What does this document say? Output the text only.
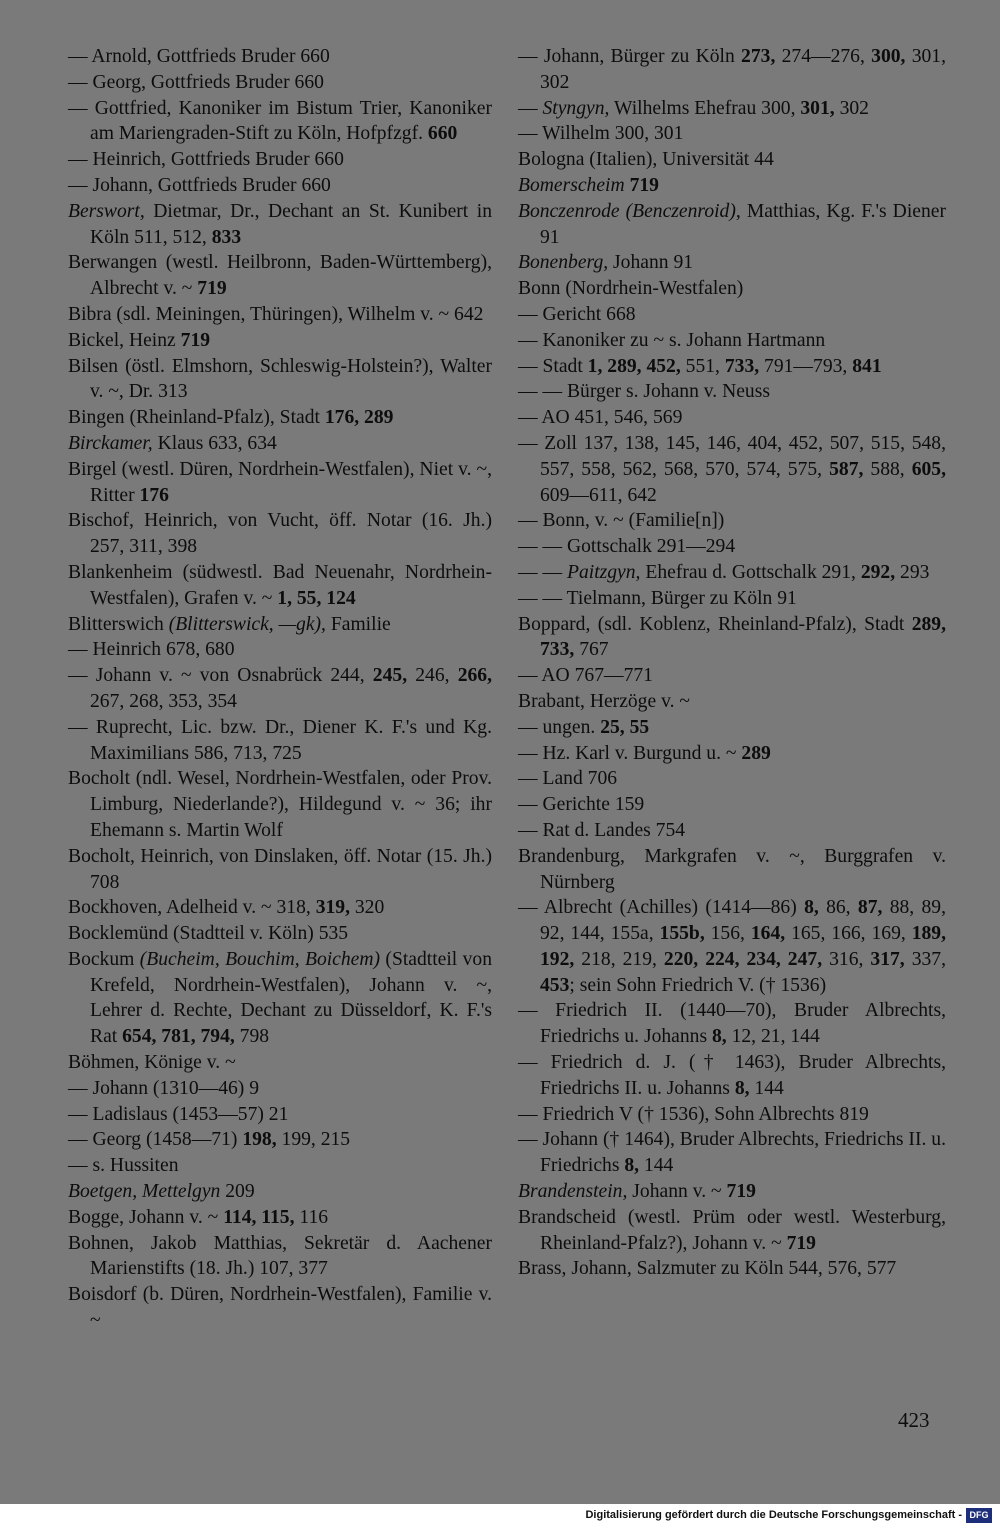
— Arnold, Gottfrieds Bruder 660
— Georg, Gottfrieds Bruder 660
— Gottfried, Kanoniker im Bistum Trier, Kanoniker am Mariengraden-Stift zu Köln, Hofpfzgf. 660
— Heinrich, Gottfrieds Bruder 660
— Johann, Gottfrieds Bruder 660
Berswort, Dietmar, Dr., Dechant an St. Kunibert in Köln 511, 512, 833
Berwangen (westl. Heilbronn, Baden-Württemberg), Albrecht v. ~ 719
Bibra (sdl. Meiningen, Thüringen), Wilhelm v. ~ 642
Bickel, Heinz 719
Bilsen (östl. Elmshorn, Schleswig-Holstein?), Walter v. ~, Dr. 313
Bingen (Rheinland-Pfalz), Stadt 176, 289
Birckamer, Klaus 633, 634
Birgel (westl. Düren, Nordrhein-Westfalen), Niet v. ~, Ritter 176
Bischof, Heinrich, von Vucht, öff. Notar (16. Jh.) 257, 311, 398
Blankenheim (südwestl. Bad Neuenahr, Nordrhein-Westfalen), Grafen v. ~ 1, 55, 124
Blitterswich (Blitterswick, —gk), Familie
— Heinrich 678, 680
— Johann v. ~ von Osnabrück 244, 245, 246, 266, 267, 268, 353, 354
— Ruprecht, Lic. bzw. Dr., Diener K. F.'s und Kg. Maximilians 586, 713, 725
Bocholt (ndl. Wesel, Nordrhein-Westfalen, oder Prov. Limburg, Niederlande?), Hildegund v. ~ 36; ihr Ehemann s. Martin Wolf
Bocholt, Heinrich, von Dinslaken, öff. Notar (15. Jh.) 708
Bockhoven, Adelheid v. ~ 318, 319, 320
Bocklemünd (Stadtteil v. Köln) 535
Bockum (Bucheim, Bouchim, Boichem) (Stadtteil von Krefeld, Nordrhein-Westfalen), Johann v. ~, Lehrer d. Rechte, Dechant zu Düsseldorf, K. F.'s Rat 654, 781, 794, 798
Böhmen, Könige v. ~
— Johann (1310—46) 9
— Ladislaus (1453—57) 21
— Georg (1458—71) 198, 199, 215
— s. Hussiten
Boetgen, Mettelgyn 209
Bogge, Johann v. ~ 114, 115, 116
Bohnen, Jakob Matthias, Sekretär d. Aachener Marienstifts (18. Jh.) 107, 377
Boisdorf (b. Düren, Nordrhein-Westfalen), Familie v. ~
— Johann, Bürger zu Köln 273, 274—276, 300, 301, 302
— Styngyn, Wilhelms Ehefrau 300, 301, 302
— Wilhelm 300, 301
Bologna (Italien), Universität 44
Bomerscheim 719
Bonczenrode (Benczenroid), Matthias, Kg. F.'s Diener 91
Bonenberg, Johann 91
Bonn (Nordrhein-Westfalen)
— Gericht 668
— Kanoniker zu ~ s. Johann Hartmann
— Stadt 1, 289, 452, 551, 733, 791—793, 841
— — Bürger s. Johann v. Neuss
— AO 451, 546, 569
— Zoll 137, 138, 145, 146, 404, 452, 507, 515, 548, 557, 558, 562, 568, 570, 574, 575, 587, 588, 605, 609—611, 642
— Bonn, v. ~ (Familie[n])
— — Gottschalk 291—294
— — Paitzgyn, Ehefrau d. Gottschalk 291, 292, 293
— — Tielmann, Bürger zu Köln 91
Boppard, (sdl. Koblenz, Rheinland-Pfalz), Stadt 289, 733, 767
— AO 767—771
Brabant, Herzöge v. ~
— ungen. 25, 55
— Hz. Karl v. Burgund u. ~ 289
— Land 706
— Gerichte 159
— Rat d. Landes 754
Brandenburg, Markgrafen v. ~, Burggrafen v. Nürnberg
— Albrecht (Achilles) (1414—86) 8, 86, 87, 88, 89, 92, 144, 155a, 155b, 156, 164, 165, 166, 169, 189, 192, 218, 219, 220, 224, 234, 247, 316, 317, 337, 453; sein Sohn Friedrich V. († 1536)
— Friedrich II. (1440—70), Bruder Albrechts, Friedrichs u. Johanns 8, 12, 21, 144
— Friedrich d. J. († 1463), Bruder Albrechts, Friedrichs II. u. Johanns 8, 144
— Friedrich V († 1536), Sohn Albrechts 819
— Johann († 1464), Bruder Albrechts, Friedrichs II. u. Friedrichs 8, 144
Brandenstein, Johann v. ~ 719
Brandscheid (westl. Prüm oder westl. Westerburg, Rheinland-Pfalz?), Johann v. ~ 719
Brass, Johann, Salzmuter zu Köln 544, 576, 577
423
Digitalisierung gefördert durch die Deutsche Forschungsgemeinschaft - DFG
